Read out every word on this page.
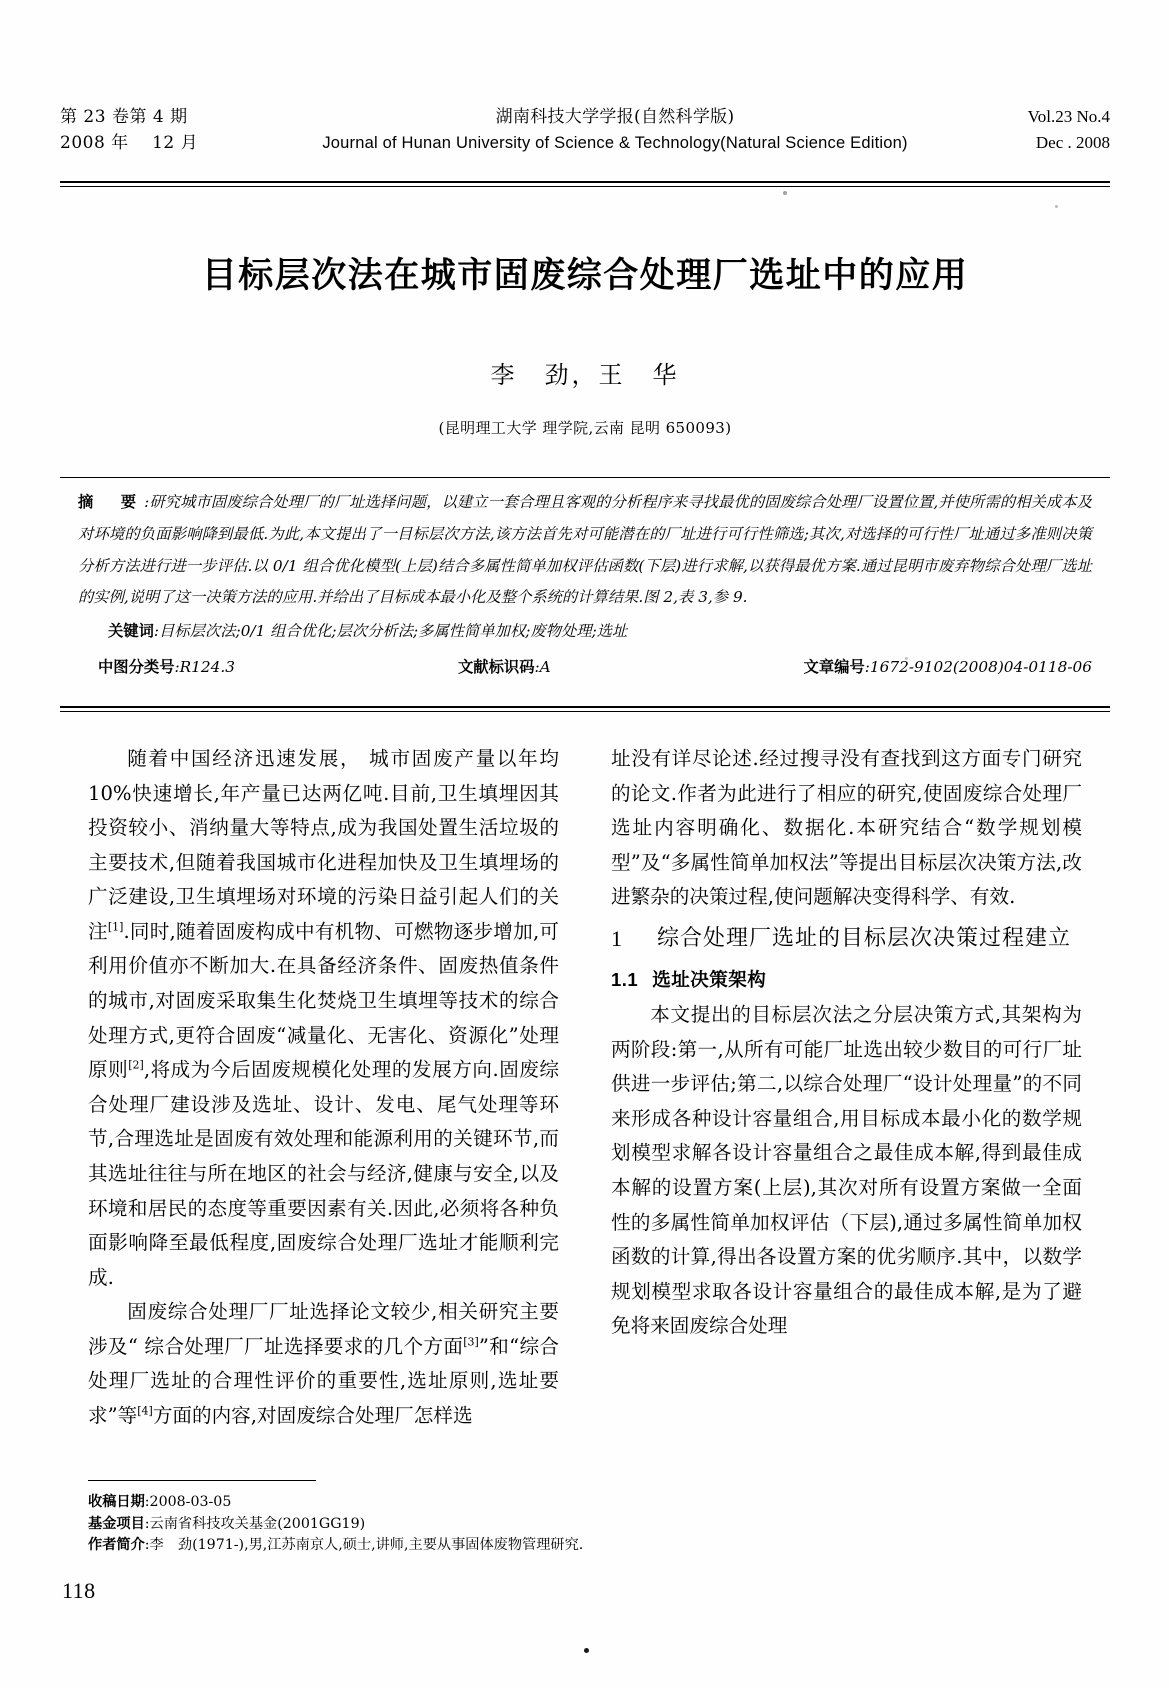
第 23 卷第 4 期	湖南科技大学学报(自然科学版)	Vol.23 No.4
2008 年　 12 月	Journal of Hunan University of Science & Technology(Natural Science Edition)	Dec . 2008
目标层次法在城市固废综合处理厂选址中的应用
李　劲，王　华
(昆明理工大学 理学院,云南 昆明 650093)
摘　要 :研究城市固废综合处理厂的厂址选择问题，以建立一套合理且客观的分析程序来寻找最优的固废综合处理厂设置位置,并使所需的相关成本及对环境的负面影响降到最低.为此,本文提出了一目标层次方法,该方法首先对可能潜在的厂址进行可行性筛选;其次,对选择的可行性厂址通过多准则决策分析方法进行进一步评估.以 0/1 组合优化模型(上层)结合多属性简单加权评估函数(下层)进行求解,以获得最优方案.通过昆明市废弃物综合处理厂选址的实例,说明了这一决策方法的应用.并给出了目标成本最小化及整个系统的计算结果.图 2,表 3,参 9.
关键词:目标层次法;0/1 组合优化;层次分析法;多属性简单加权;废物处理;选址
中图分类号:R124.3	文献标识码:A	文章编号:1672-9102(2008)04-0118-06

随着中国经济迅速发展， 城市固废产量以年均 10%快速增长,年产量已达两亿吨.目前,卫生填埋因其投资较小、消纳量大等特点,成为我国处置生活垃圾的主要技术,但随着我国城市化进程加快及卫生填埋场的广泛建设,卫生填埋场对环境的污染日益引起人们的关注[1].同时,随着固废构成中有机物、可燃物逐步增加,可利用价值亦不断加大.在具备经济条件、固废热值条件的城市,对固废采取集生化焚烧卫生填埋等技术的综合处理方式,更符合固废“减量化、无害化、资源化”处理原则[2],将成为今后固废规模化处理的发展方向.固废综合处理厂建设涉及选址、设计、发电、尾气处理等环节,合理选址是固废有效处理和能源利用的关键环节,而其选址往往与所在地区的社会与经济,健康与安全,以及环境和居民的态度等重要因素有关.因此,必须将各种负面影响降至最低程度,固废综合处理厂选址才能顺利完成.

固废综合处理厂厂址选择论文较少,相关研究主要涉及“ 综合处理厂厂址选择要求的几个方面[3]”和“综合处理厂选址的合理性评价的重要性,选址原则,选址要求”等[4]方面的内容,对固废综合处理厂怎样选

址没有详尽论述.经过搜寻没有查找到这方面专门研究的论文.作者为此进行了相应的研究,使固废综合处理厂选址内容明确化、数据化.本研究结合“数学规划模型”及“多属性简单加权法”等提出目标层次决策方法,改进繁杂的决策过程,使问题解决变得科学、有效.

1	综合处理厂选址的目标层次决策过程建立
1.1 选址决策架构

本文提出的目标层次法之分层决策方式,其架构为两阶段:第一,从所有可能厂址选出较少数目的可行厂址供进一步评估;第二,以综合处理厂“设计处理量”的不同来形成各种设计容量组合,用目标成本最小化的数学规划模型求解各设计容量组合之最佳成本解,得到最佳成本解的设置方案(上层),其次对所有设置方案做一全面性的多属性简单加权评估（下层),通过多属性简单加权函数的计算,得出各设置方案的优劣顺序.其中，以数学规划模型求取各设计容量组合的最佳成本解,是为了避免将来固废综合处理

收稿日期:2008-03-05
基金项目:云南省科技攻关基金(2001GG19)
作者简介:李　劲(1971-),男,江苏南京人,硕士,讲师,主要从事固体废物管理研究.
118
